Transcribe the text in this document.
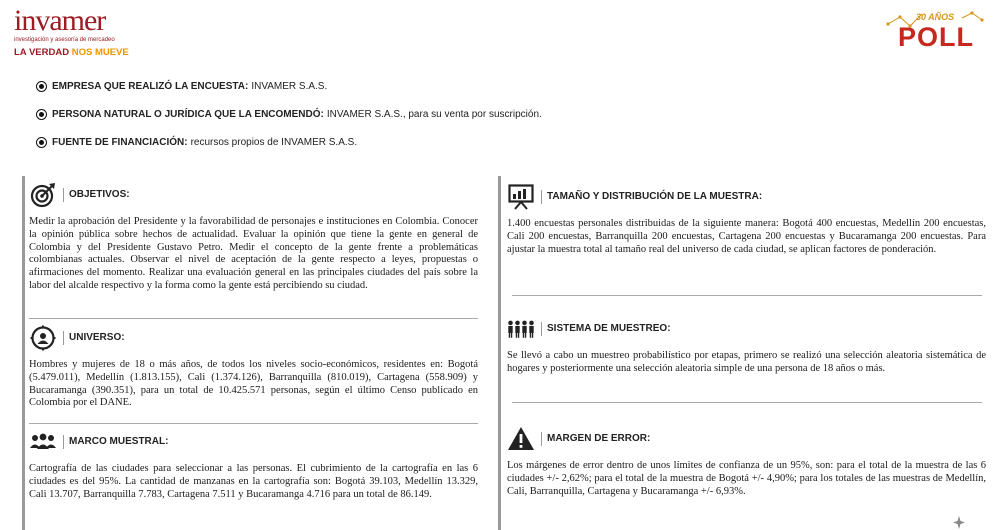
invamer
investigación y asesoría de mercadeo
LA VERDAD NOS MUEVE
30 AÑOS
POLL
EMPRESA QUE REALIZÓ LA ENCUESTA: INVAMER S.A.S.
PERSONA NATURAL O JURÍDICA QUE LA ENCOMENDÓ: INVAMER S.A.S., para su venta por suscripción.
FUENTE DE FINANCIACIÓN: recursos propios de INVAMER S.A.S.
OBJETIVOS:
Medir la aprobación del Presidente y la favorabilidad de personajes e instituciones en Colombia. Conocer la opinión pública sobre hechos de actualidad. Evaluar la opinión que tiene la gente en general de Colombia y del Presidente Gustavo Petro. Medir el concepto de la gente frente a problemáticas colombianas actuales. Observar el nivel de aceptación de la gente respecto a leyes, propuestas o afirmaciones del momento. Realizar una evaluación general en las principales ciudades del país sobre la labor del alcalde respectivo y la forma como la gente está percibiendo su ciudad.
UNIVERSO:
Hombres y mujeres de 18 o más años, de todos los niveles socio-económicos, residentes en: Bogotá (5.479.011), Medellín (1.813.155), Cali (1.374.126), Barranquilla (810.019), Cartagena (558.909) y Bucaramanga (390.351), para un total de 10.425.571 personas, según el último Censo publicado en Colombia por el DANE.
MARCO MUESTRAL:
Cartografía de las ciudades para seleccionar a las personas. El cubrimiento de la cartografía en las 6 ciudades es del 95%. La cantidad de manzanas en la cartografía son: Bogotá 39.103, Medellín 13.329, Cali 13.707, Barranquilla 7.783, Cartagena 7.511 y Bucaramanga 4.716 para un total de 86.149.
TAMAÑO Y DISTRIBUCIÓN DE LA MUESTRA:
1.400 encuestas personales distribuidas de la siguiente manera: Bogotá 400 encuestas, Medellín 200 encuestas, Cali 200 encuestas, Barranquilla 200 encuestas, Cartagena 200 encuestas y Bucaramanga 200 encuestas. Para ajustar la muestra total al tamaño real del universo de cada ciudad, se aplican factores de ponderación.
SISTEMA DE MUESTREO:
Se llevó a cabo un muestreo probabilístico por etapas, primero se realizó una selección aleatoria sistemática de hogares y posteriormente una selección aleatoria simple de una persona de 18 años o más.
MARGEN DE ERROR:
Los márgenes de error dentro de unos límites de confianza de un 95%, son: para el total de la muestra de las 6 ciudades +/- 2,62%; para el total de la muestra de Bogotá +/- 4,90%; para los totales de las muestras de Medellín, Cali, Barranquilla, Cartagena y Bucaramanga +/- 6,93%.
